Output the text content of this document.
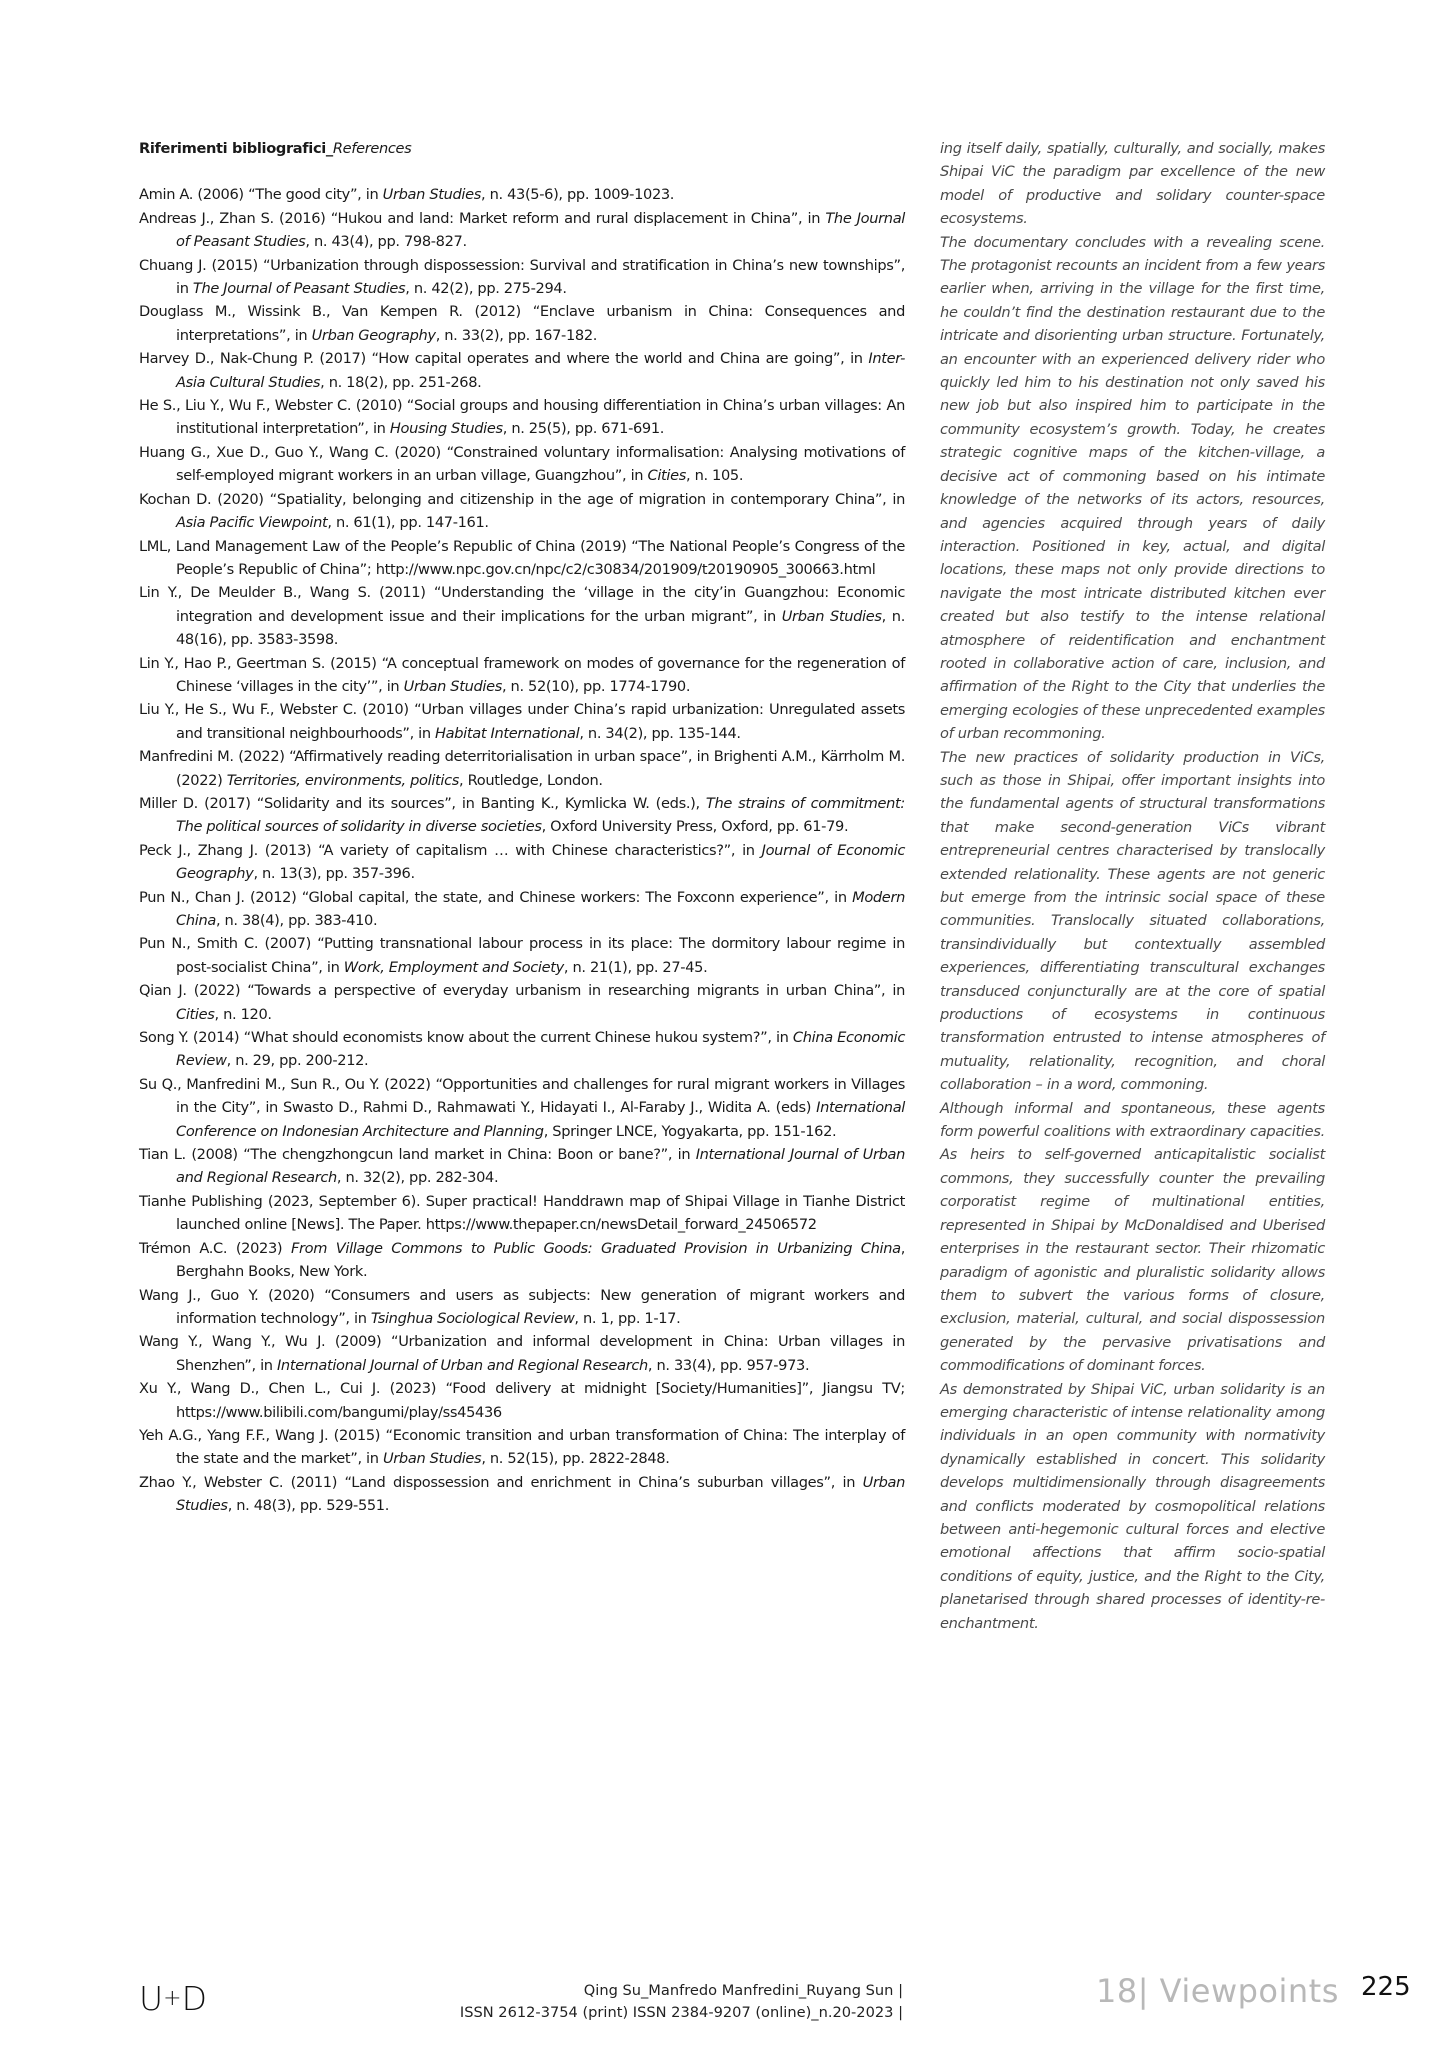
Riferimenti bibliografici_References
Amin A. (2006) “The good city”, in Urban Studies, n. 43(5-6), pp. 1009-1023.
Andreas J., Zhan S. (2016) “Hukou and land: Market reform and rural displacement in China”, in The Journal of Peasant Studies, n. 43(4), pp. 798-827.
Chuang J. (2015) “Urbanization through dispossession: Survival and stratification in China’s new townships”, in The Journal of Peasant Studies, n. 42(2), pp. 275-294.
Douglass M., Wissink B., Van Kempen R. (2012) “Enclave urbanism in China: Consequences and interpretations”, in Urban Geography, n. 33(2), pp. 167-182.
Harvey D., Nak-Chung P. (2017) “How capital operates and where the world and China are going”, in Inter-Asia Cultural Studies, n. 18(2), pp. 251-268.
He S., Liu Y., Wu F., Webster C. (2010) “Social groups and housing differentiation in China’s urban villages: An institutional interpretation”, in Housing Studies, n. 25(5), pp. 671-691.
Huang G., Xue D., Guo Y., Wang C. (2020) “Constrained voluntary informalisation: Analysing motivations of self-employed migrant workers in an urban village, Guangzhou”, in Cities, n. 105.
Kochan D. (2020) “Spatiality, belonging and citizenship in the age of migration in contemporary China”, in Asia Pacific Viewpoint, n. 61(1), pp. 147-161.
LML, Land Management Law of the People’s Republic of China (2019) “The National People’s Congress of the People’s Republic of China”; http://www.npc.gov.cn/npc/c2/c30834/201909/t20190905_300663.html
Lin Y., De Meulder B., Wang S. (2011) “Understanding the ‘village in the city’in Guangzhou: Economic integration and development issue and their implications for the urban migrant”, in Urban Studies, n. 48(16), pp. 3583-3598.
Lin Y., Hao P., Geertman S. (2015) “A conceptual framework on modes of governance for the regeneration of Chinese ‘villages in the city’”, in Urban Studies, n. 52(10), pp. 1774-1790.
Liu Y., He S., Wu F., Webster C. (2010) “Urban villages under China’s rapid urbanization: Unregulated assets and transitional neighbourhoods”, in Habitat International, n. 34(2), pp. 135-144.
Manfredini M. (2022) “Affirmatively reading deterritorialisation in urban space”, in Brighenti A.M., Kärrholm M. (2022) Territories, environments, politics, Routledge, London.
Miller D. (2017) “Solidarity and its sources”, in Banting K., Kymlicka W. (eds.), The strains of commitment: The political sources of solidarity in diverse societies, Oxford University Press, Oxford, pp. 61-79.
Peck J., Zhang J. (2013) “A variety of capitalism … with Chinese characteristics?”, in Journal of Economic Geography, n. 13(3), pp. 357-396.
Pun N., Chan J. (2012) “Global capital, the state, and Chinese workers: The Foxconn experience”, in Modern China, n. 38(4), pp. 383-410.
Pun N., Smith C. (2007) “Putting transnational labour process in its place: The dormitory labour regime in post-socialist China”, in Work, Employment and Society, n. 21(1), pp. 27-45.
Qian J. (2022) “Towards a perspective of everyday urbanism in researching migrants in urban China”, in Cities, n. 120.
Song Y. (2014) “What should economists know about the current Chinese hukou system?”, in China Economic Review, n. 29, pp. 200-212.
Su Q., Manfredini M., Sun R., Ou Y. (2022) “Opportunities and challenges for rural migrant workers in Villages in the City”, in Swasto D., Rahmi D., Rahmawati Y., Hidayati I., Al-Faraby J., Widita A. (eds) International Conference on Indonesian Architecture and Planning, Springer LNCE, Yogyakarta, pp. 151-162.
Tian L. (2008) “The chengzhongcun land market in China: Boon or bane?”, in International Journal of Urban and Regional Research, n. 32(2), pp. 282-304.
Tianhe Publishing (2023, September 6). Super practical! Handdrawn map of Shipai Village in Tianhe District launched online [News]. The Paper. https://www.thepaper.cn/newsDetail_forward_24506572
Trémon A.C. (2023) From Village Commons to Public Goods: Graduated Provision in Urbanizing China, Berghahn Books, New York.
Wang J., Guo Y. (2020) “Consumers and users as subjects: New generation of migrant workers and information technology”, in Tsinghua Sociological Review, n. 1, pp. 1-17.
Wang Y., Wang Y., Wu J. (2009) “Urbanization and informal development in China: Urban villages in Shenzhen”, in International Journal of Urban and Regional Research, n. 33(4), pp. 957-973.
Xu Y., Wang D., Chen L., Cui J. (2023) “Food delivery at midnight [Society/Humanities]”, Jiangsu TV; https://www.bilibili.com/bangumi/play/ss45436
Yeh A.G., Yang F.F., Wang J. (2015) “Economic transition and urban transformation of China: The interplay of the state and the market”, in Urban Studies, n. 52(15), pp. 2822-2848.
Zhao Y., Webster C. (2011) “Land dispossession and enrichment in China’s suburban villages”, in Urban Studies, n. 48(3), pp. 529-551.

ing itself daily, spatially, culturally, and socially, makes Shipai ViC the paradigm par excellence of the new model of productive and solidary counter-space ecosystems.

The documentary concludes with a revealing scene. The protagonist recounts an incident from a few years earlier when, arriving in the village for the first time, he couldn’t find the destination restaurant due to the intricate and disorienting urban structure. Fortunately, an encounter with an experienced delivery rider who quickly led him to his destination not only saved his new job but also inspired him to participate in the community ecosystem’s growth. Today, he creates strategic cognitive maps of the kitchen-village, a decisive act of commoning based on his intimate knowledge of the networks of its actors, resources, and agencies acquired through years of daily interaction. Positioned in key, actual, and digital locations, these maps not only provide directions to navigate the most intricate distributed kitchen ever created but also testify to the intense relational atmosphere of reidentification and enchantment rooted in collaborative action of care, inclusion, and affirmation of the Right to the City that underlies the emerging ecologies of these unprecedented examples of urban recommoning.

The new practices of solidarity production in ViCs, such as those in Shipai, offer important insights into the fundamental agents of structural transformations that make second-generation ViCs vibrant entrepreneurial centres characterised by translocally extended relationality. These agents are not generic but emerge from the intrinsic social space of these communities. Translocally situated collaborations, transindividually but contextually assembled experiences, differentiating transcultural exchanges transduced conjuncturally are at the core of spatial productions of ecosystems in continuous transformation entrusted to intense atmospheres of mutuality, relationality, recognition, and choral collaboration – in a word, commoning.

Although informal and spontaneous, these agents form powerful coalitions with extraordinary capacities. As heirs to self-governed anticapitalistic socialist commons, they successfully counter the prevailing corporatist regime of multinational entities, represented in Shipai by McDonaldised and Uberised enterprises in the restaurant sector. Their rhizomatic paradigm of agonistic and pluralistic solidarity allows them to subvert the various forms of closure, exclusion, material, cultural, and social dispossession generated by the pervasive privatisations and commodifications of dominant forces.

As demonstrated by Shipai ViC, urban solidarity is an emerging characteristic of intense relationality among individuals in an open community with normativity dynamically established in concert. This solidarity develops multidimensionally through disagreements and conflicts moderated by cosmopolitical relations between anti-hegemonic cultural forces and elective emotional affections that affirm socio-spatial conditions of equity, justice, and the Right to the City, planetarised through shared processes of identity-re-enchantment.

U + D	Qing Su_Manfredo Manfredini_Ruyang Sun |
ISSN 2612-3754 (print) ISSN 2384-9207 (online)_n.20-2023 |
18| Viewpoints 225
